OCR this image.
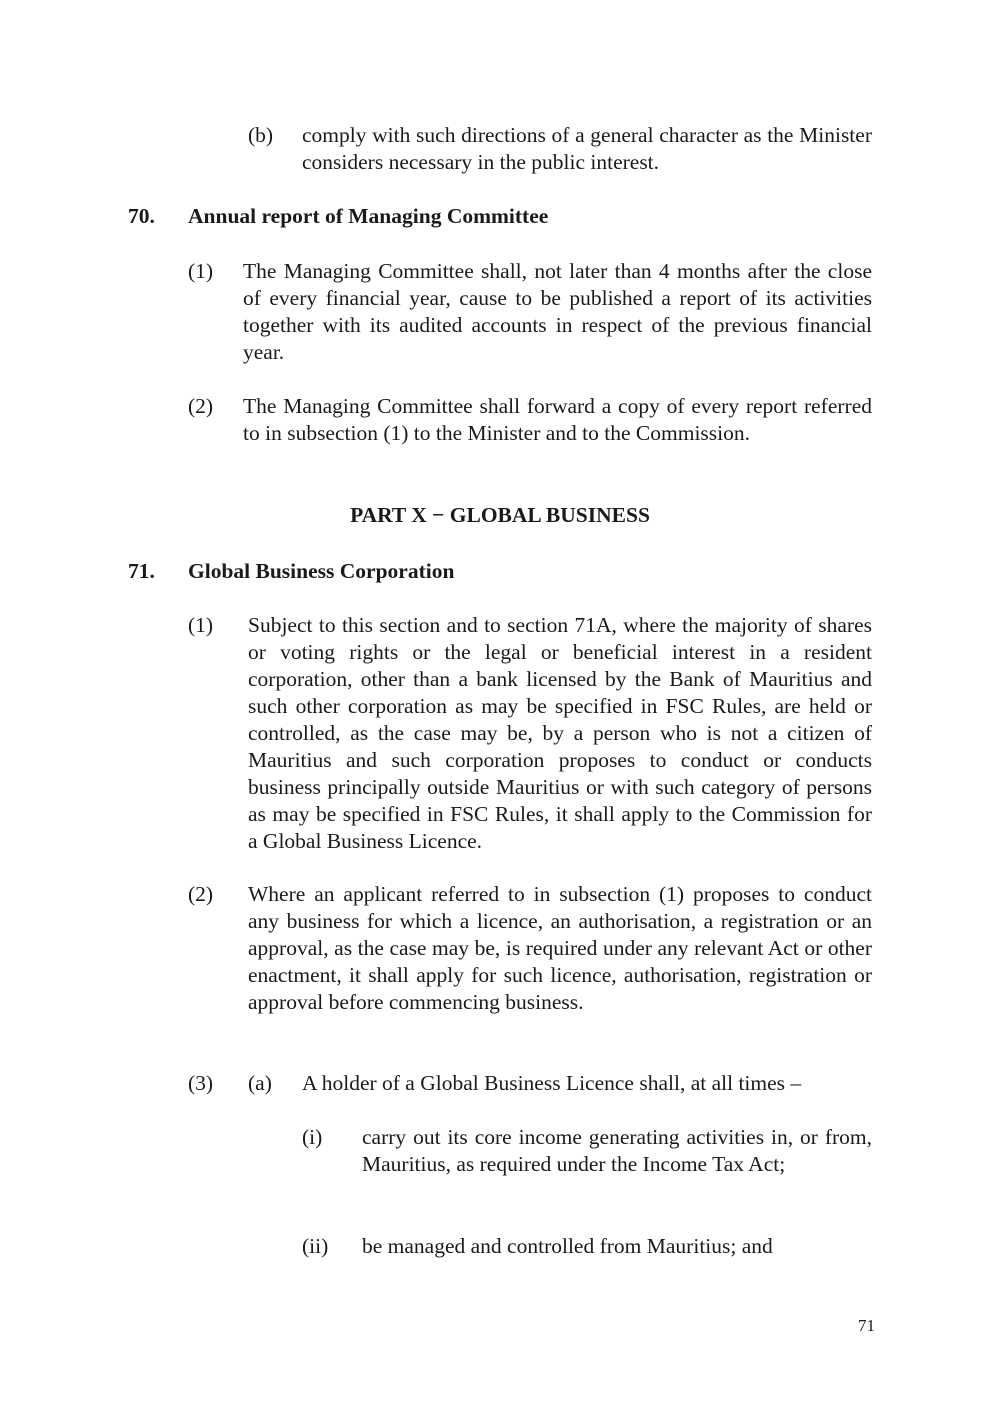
(b) comply with such directions of a general character as the Minister considers necessary in the public interest.
70. Annual report of Managing Committee
(1) The Managing Committee shall, not later than 4 months after the close of every financial year, cause to be published a report of its activities together with its audited accounts in respect of the previous financial year.
(2) The Managing Committee shall forward a copy of every report referred to in subsection (1) to the Minister and to the Commission.
PART X − GLOBAL BUSINESS
71. Global Business Corporation
(1) Subject to this section and to section 71A, where the majority of shares or voting rights or the legal or beneficial interest in a resident corporation, other than a bank licensed by the Bank of Mauritius and such other corporation as may be specified in FSC Rules, are held or controlled, as the case may be, by a person who is not a citizen of Mauritius and such corporation proposes to conduct or conducts business principally outside Mauritius or with such category of persons as may be specified in FSC Rules, it shall apply to the Commission for a Global Business Licence.
(2) Where an applicant referred to in subsection (1) proposes to conduct any business for which a licence, an authorisation, a registration or an approval, as the case may be, is required under any relevant Act or other enactment, it shall apply for such licence, authorisation, registration or approval before commencing business.
(3) (a) A holder of a Global Business Licence shall, at all times –
(i) carry out its core income generating activities in, or from, Mauritius, as required under the Income Tax Act;
(ii) be managed and controlled from Mauritius; and
71
